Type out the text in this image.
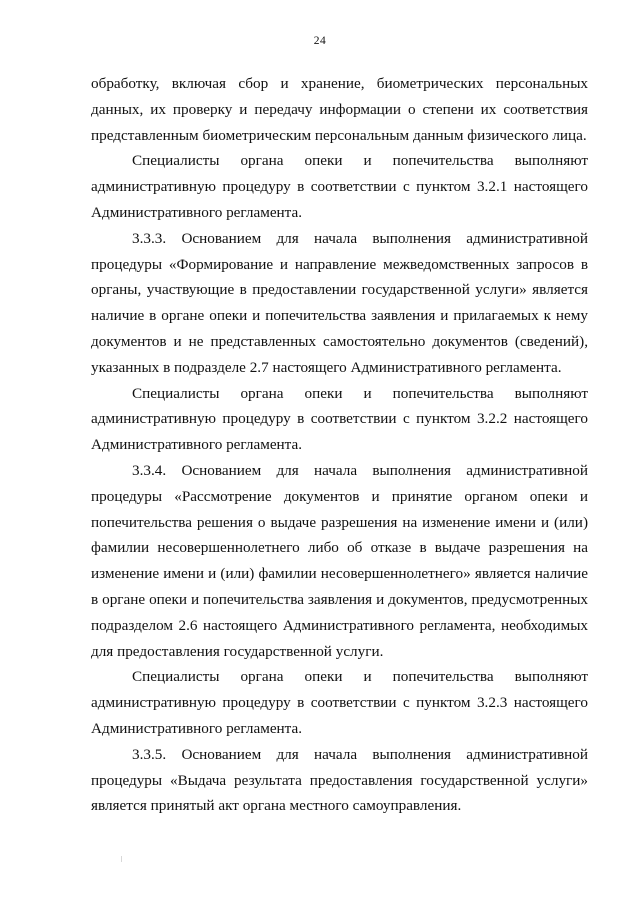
24

обработку, включая сбор и хранение, биометрических персональных данных, их проверку и передачу информации о степени их соответствия представленным биометрическим персональным данным физического лица.

Специалисты органа опеки и попечительства выполняют административную процедуру в соответствии с пунктом 3.2.1 настоящего Административного регламента.

3.3.3. Основанием для начала выполнения административной процедуры «Формирование и направление межведомственных запросов в органы, участвующие в предоставлении государственной услуги» является наличие в органе опеки и попечительства заявления и прилагаемых к нему документов и не представленных самостоятельно документов (сведений), указанных в подразделе 2.7 настоящего Административного регламента.

Специалисты органа опеки и попечительства выполняют административную процедуру в соответствии с пунктом 3.2.2 настоящего Административного регламента.

3.3.4. Основанием для начала выполнения административной процедуры «Рассмотрение документов и принятие органом опеки и попечительства решения о выдаче разрешения на изменение имени и (или) фамилии несовершеннолетнего либо об отказе в выдаче разрешения на изменение имени и (или) фамилии несовершеннолетнего» является наличие в органе опеки и попечительства заявления и документов, предусмотренных подразделом 2.6 настоящего Административного регламента, необходимых для предоставления государственной услуги.

Специалисты органа опеки и попечительства выполняют административную процедуру в соответствии с пунктом 3.2.3 настоящего Административного регламента.

3.3.5. Основанием для начала выполнения административной процедуры «Выдача результата предоставления государственной услуги» является принятый акт органа местного самоуправления.
